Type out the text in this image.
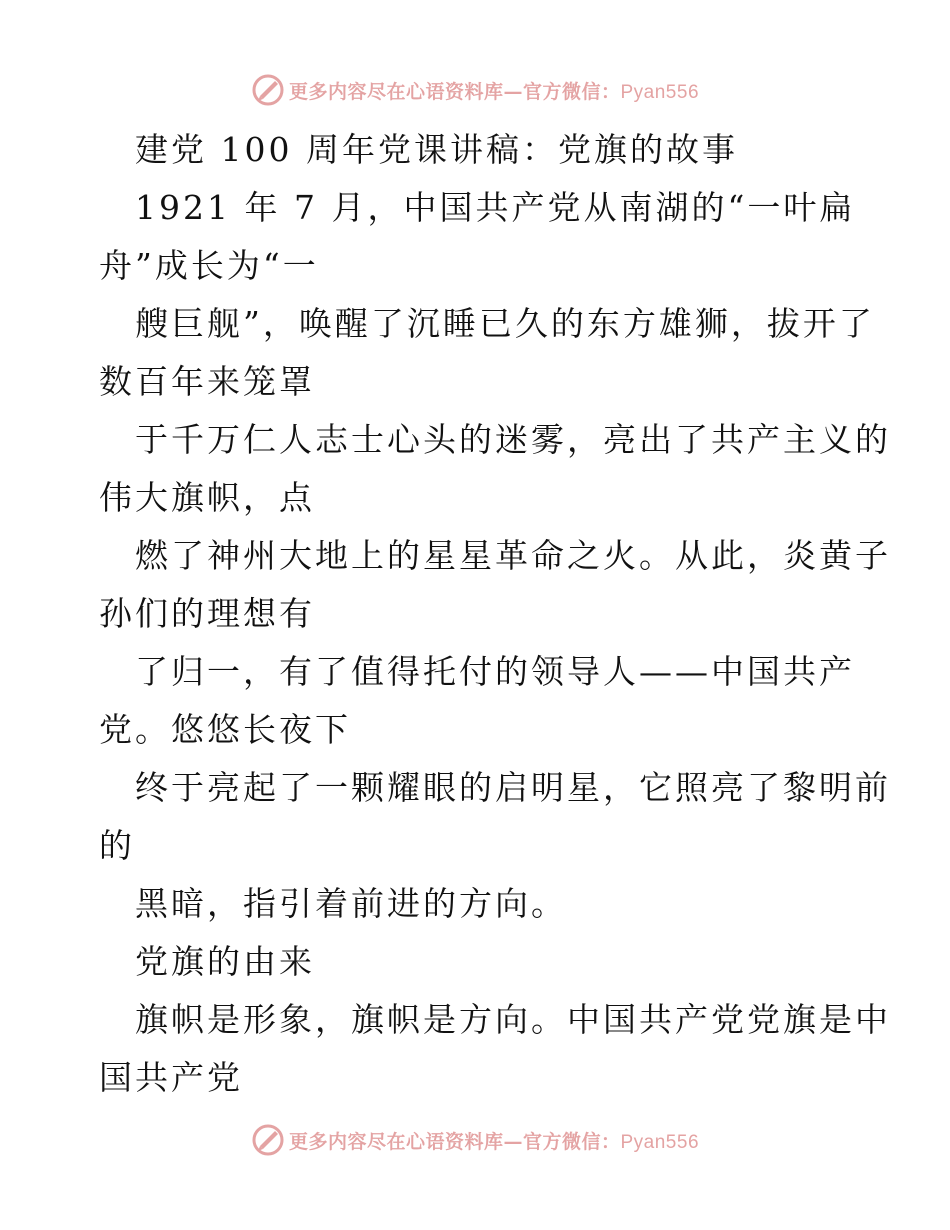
更多内容尽在心语资料库—官方微信：Pyan556
建党 100 周年党课讲稿：党旗的故事
1921 年 7 月，中国共产党从南湖的“一叶扁
舟”成长为“一
艘巨舰”，唤醒了沉睡已久的东方雄狮，拔开了
数百年来笼罩
于千万仁人志士心头的迷雾，亮出了共产主义的
伟大旗帜，点
燃了神州大地上的星星革命之火。从此，炎黄子
孙们的理想有
了归一，有了值得托付的领导人——中国共产
党。悠悠长夜下
终于亮起了一颗耀眼的启明星，它照亮了黎明前
的
黑暗，指引着前进的方向。
党旗的由来
旗帜是形象，旗帜是方向。中国共产党党旗是中
国共产党
更多内容尽在心语资料库—官方微信：Pyan556
